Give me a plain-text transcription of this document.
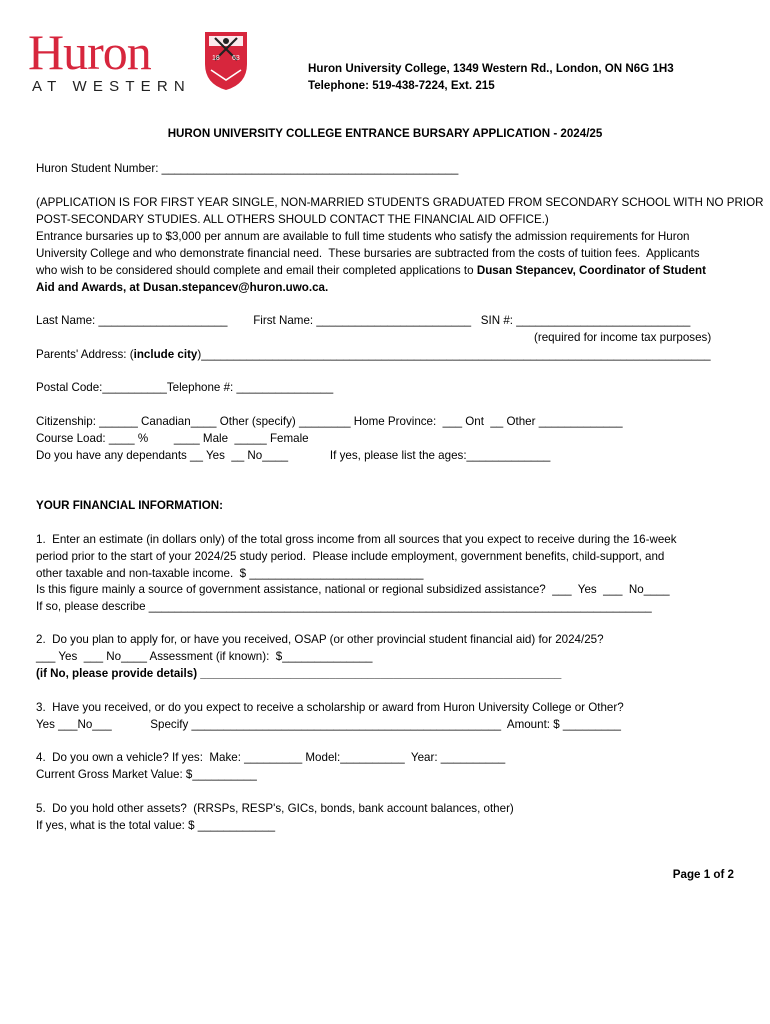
Huron
AT WESTERN
18 63
Huron University College, 1349 Western Rd., London, ON N6G 1H3
Telephone: 519-438-7224, Ext. 215
HURON UNIVERSITY COLLEGE ENTRANCE BURSARY APPLICATION - 2024/25
Huron Student Number: ______________________________________________
(APPLICATION IS FOR FIRST YEAR SINGLE, NON-MARRIED STUDENTS GRADUATED FROM SECONDARY SCHOOL WITH NO PRIOR
POST-SECONDARY STUDIES. ALL OTHERS SHOULD CONTACT THE FINANCIAL AID OFFICE.)
Entrance bursaries up to $3,000 per annum are available to full time students who satisfy the admission requirements for Huron
University College and who demonstrate financial need.  These bursaries are subtracted from the costs of tuition fees.  Applicants
who wish to be considered should complete and email their completed applications to Dusan Stepancev, Coordinator of Student
Aid and Awards, at Dusan.stepancev@huron.uwo.ca.
Last Name: ____________________        First Name: ________________________   SIN #: ___________________________
(required for income tax purposes)
Parents' Address: (include city)_______________________________________________________________________________
Postal Code:__________Telephone #: _______________
Citizenship: ______ Canadian____ Other (specify) ________ Home Province:  ___ Ont  __ Other _____________
Course Load: ____ %        ____ Male  _____ Female
Do you have any dependants __ Yes  __ No____             If yes, please list the ages:_____________
YOUR FINANCIAL INFORMATION:
1.  Enter an estimate (in dollars only) of the total gross income from all sources that you expect to receive during the 16-week
period prior to the start of your 2024/25 study period.  Please include employment, government benefits, child-support, and
other taxable and non-taxable income.  $ ___________________________
Is this figure mainly a source of government assistance, national or regional subsidized assistance?  ___  Yes  ___  No____
If so, please describe ______________________________________________________________________________
2.  Do you plan to apply for, or have you received, OSAP (or other provincial student financial aid) for 2024/25?
___ Yes  ___ No____ Assessment (if known):  $______________
(if No, please provide details) ________________________________________________________
3.  Have you received, or do you expect to receive a scholarship or award from Huron University College or Other?
Yes ___No___            Specify ________________________________________________  Amount: $ _________
4.  Do you own a vehicle? If yes:  Make: _________ Model:__________  Year: __________
Current Gross Market Value: $__________
5.  Do you hold other assets?  (RRSPs, RESP's, GICs, bonds, bank account balances, other)
If yes, what is the total value: $ ____________
Page 1 of 2
